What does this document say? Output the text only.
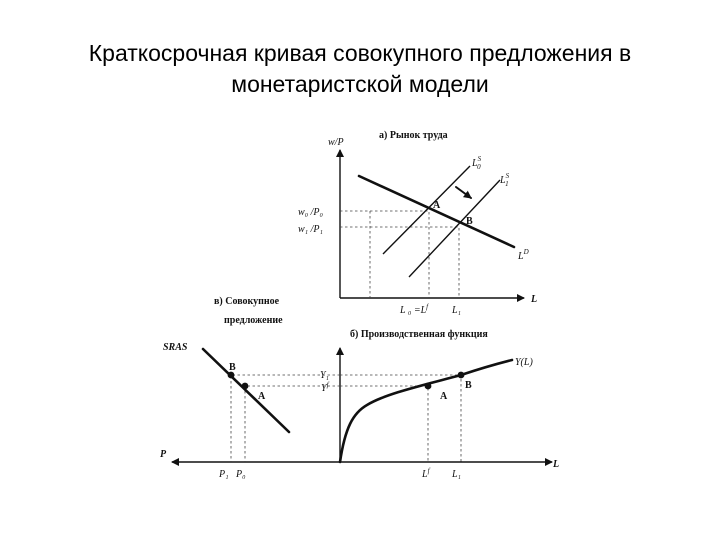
Краткосрочная кривая совокупного предложения в
монетаристской модели
а) Рынок труда
w/P
L
w₀ /P₀
w₁ /P₁
L $_0 =L^f$ L₁
$L^S$ 0
$L^S$ 1
$L^D$
A
B
б) Производственная функция
Y(L)
Y₁
$Y^f$
$L^f$ L₁
L
A
B
в) Совокупное
предложение
SRAS
P
P₁ P₀
B
A
